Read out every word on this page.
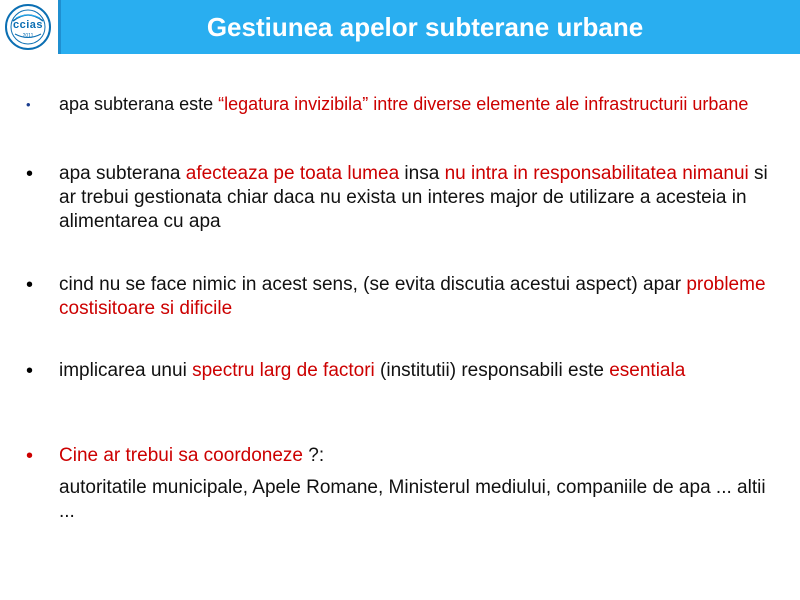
ccias
2011	Gestiunea apelor subterane urbane
• apa subterana este “legatura invizibila” intre diverse elemente ale infrastructurii urbane
• apa subterana afecteaza pe toata lumea insa nu intra in responsabilitatea nimanui si ar trebui gestionata chiar daca nu exista un interes major de utilizare a acesteia in alimentarea cu apa
• cind nu se face nimic in acest sens, (se evita discutia acestui aspect) apar probleme costisitoare si dificile
• implicarea unui spectru larg de factori (institutii) responsabili este esentiala
• Cine ar trebui sa coordoneze ?:
autoritatile municipale, Apele Romane, Ministerul mediului, companiile de apa ... altii ...
